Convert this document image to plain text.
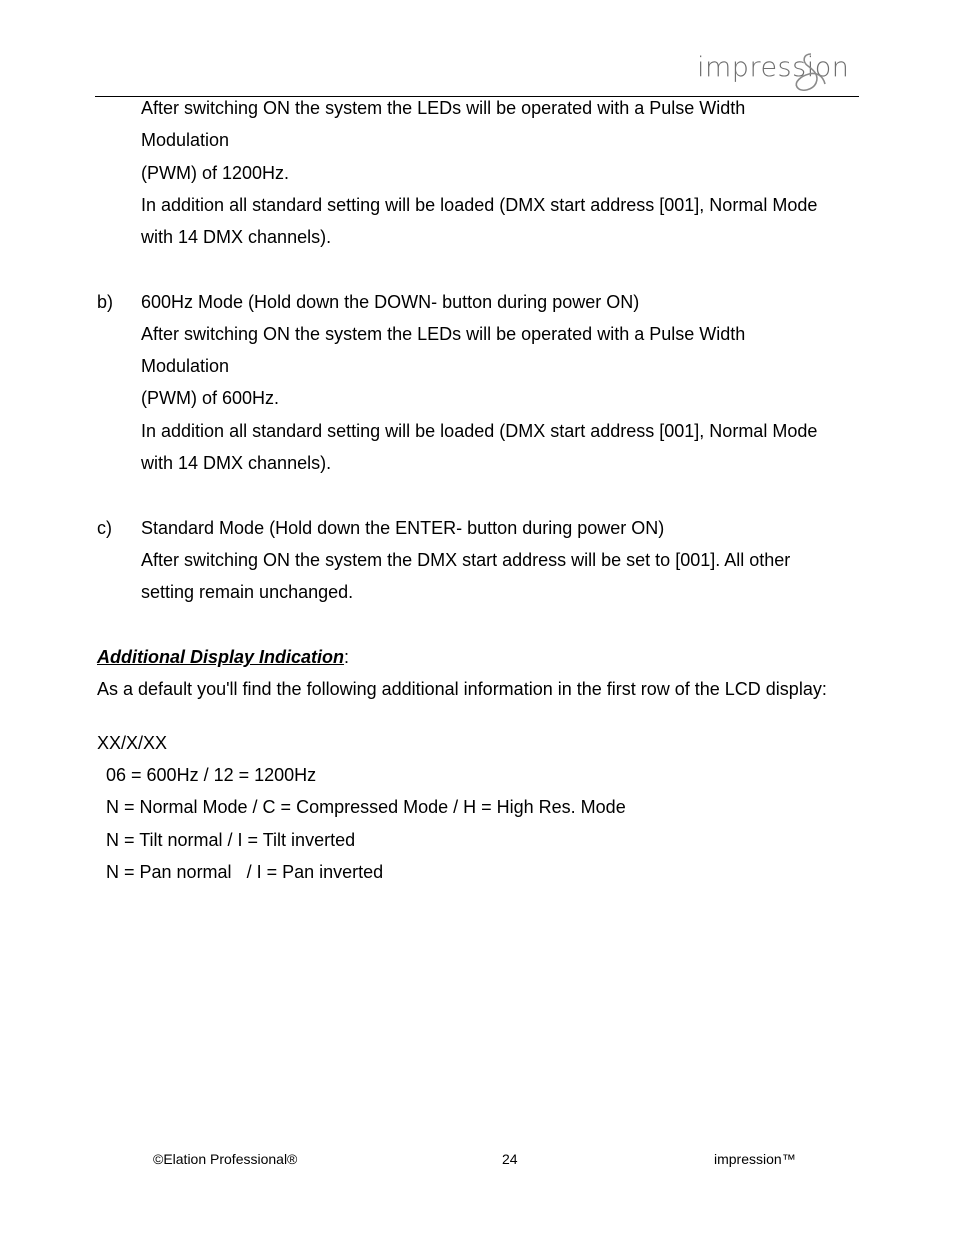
impression
After switching ON the system the LEDs will be operated with a Pulse Width
Modulation
(PWM) of 1200Hz.
In addition all standard setting will be loaded (DMX start address [001], Normal Mode
with 14 DMX channels).
b) 600Hz Mode (Hold down the DOWN- button during power ON)
After switching ON the system the LEDs will be operated with a Pulse Width
Modulation
(PWM) of 600Hz.
In addition all standard setting will be loaded (DMX start address [001], Normal Mode
with 14 DMX channels).
c) Standard Mode (Hold down the ENTER- button during power ON)
After switching ON the system the DMX start address will be set to [001]. All other
setting remain unchanged.
Additional Display Indication:
As a default you'll find the following additional information in the first row of the LCD display:
XX/X/XX
06 = 600Hz / 12 = 1200Hz
N = Normal Mode / C = Compressed Mode / H = High Res. Mode
N = Tilt normal / I = Tilt inverted
N = Pan normal   / I = Pan inverted
©Elation Professional®	24	impression™
